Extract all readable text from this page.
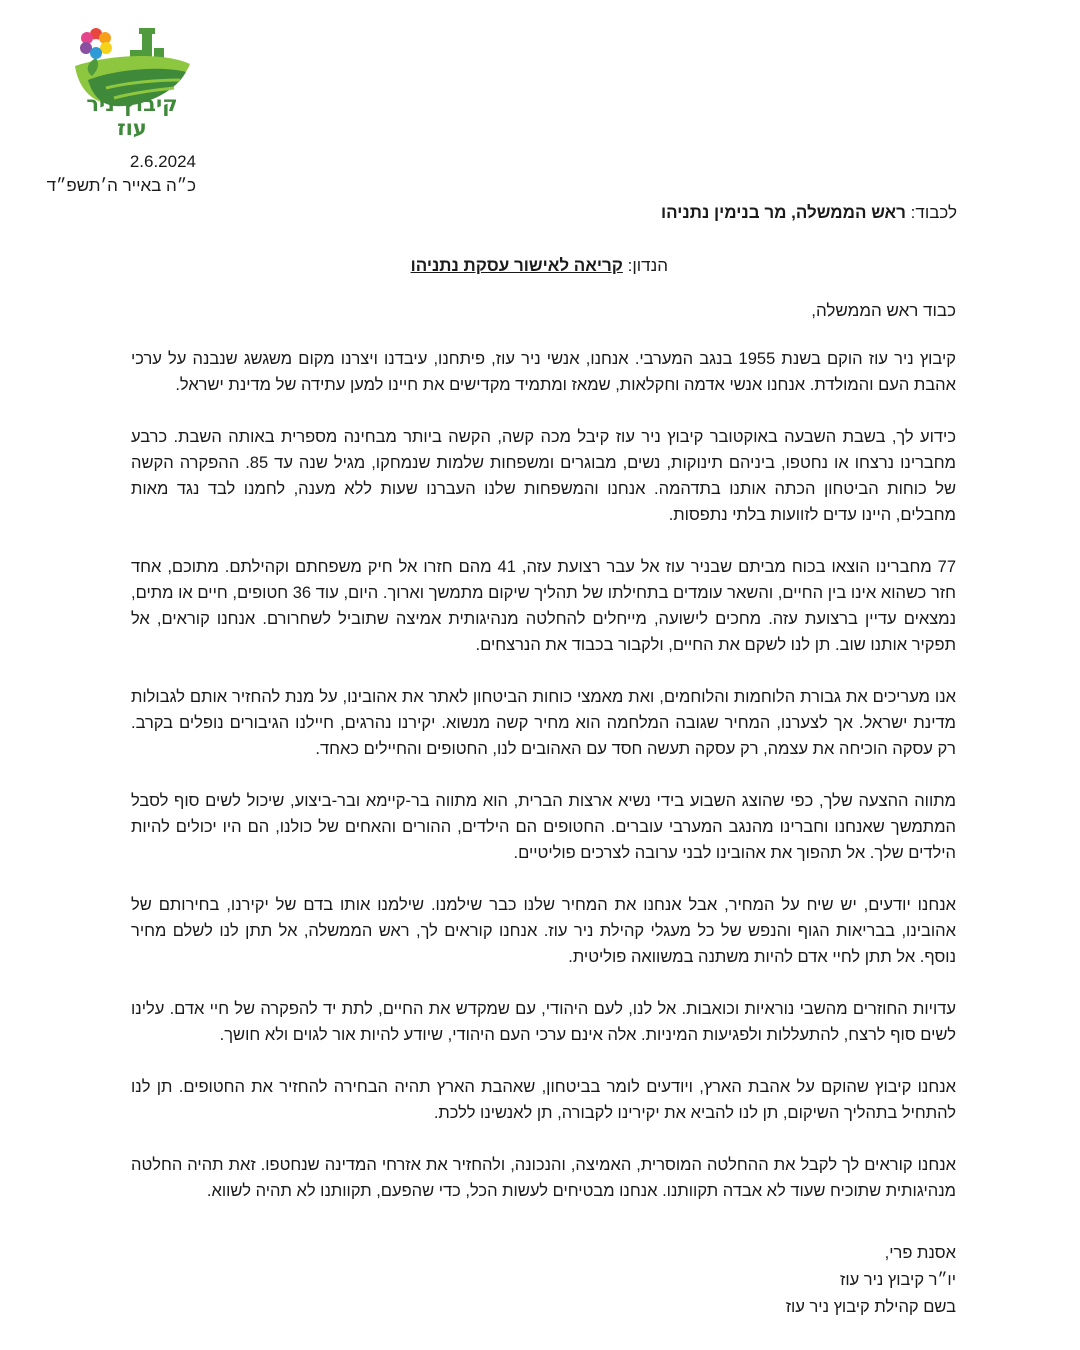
קיבוץ ניר עוז
2.6.2024
כ״ה באייר ה׳תשפ״ד
לכבוד: ראש הממשלה, מר בנימין נתניהו
הנדון: קריאה לאישור עסקת נתניהו
כבוד ראש הממשלה,

קיבוץ ניר עוז הוקם בשנת 1955 בנגב המערבי. אנחנו, אנשי ניר עוז, פיתחנו, עיבדנו ויצרנו מקום משגשג שנבנה על ערכי אהבת העם והמולדת. אנחנו אנשי אדמה וחקלאות, שמאז ומתמיד מקדישים את חיינו למען עתידה של מדינת ישראל.

כידוע לך, בשבת השבעה באוקטובר קיבוץ ניר עוז קיבל מכה קשה, הקשה ביותר מבחינה מספרית באותה השבת. כרבע מחברינו נרצחו או נחטפו, ביניהם תינוקות, נשים, מבוגרים ומשפחות שלמות שנמחקו, מגיל שנה עד 85. ההפקרה הקשה של כוחות הביטחון הכתה אותנו בתדהמה. אנחנו והמשפחות שלנו העברנו שעות ללא מענה, לחמנו לבד נגד מאות מחבלים, היינו עדים לזוועות בלתי נתפסות.

77 מחברינו הוצאו בכוח מביתם שבניר עוז אל עבר רצועת עזה, 41 מהם חזרו אל חיק משפחתם וקהילתם. מתוכם, אחד חזר כשהוא אינו בין החיים, והשאר עומדים בתחילתו של תהליך שיקום מתמשך וארוך. היום, עוד 36 חטופים, חיים או מתים, נמצאים עדיין ברצועת עזה. מחכים לישועה, מייחלים להחלטה מנהיגותית אמיצה שתוביל לשחרורם. אנחנו קוראים, אל תפקיר אותנו שוב. תן לנו לשקם את החיים, ולקבור בכבוד את הנרצחים.

אנו מעריכים את גבורת הלוחמות והלוחמים, ואת מאמצי כוחות הביטחון לאתר את אהובינו, על מנת להחזיר אותם לגבולות מדינת ישראל. אך לצערנו, המחיר שגובה המלחמה הוא מחיר קשה מנשוא. יקירנו נהרגים, חיילנו הגיבורים נופלים בקרב. רק עסקה הוכיחה את עצמה, רק עסקה תעשה חסד עם האהובים לנו, החטופים והחיילים כאחד.

מתווה ההצעה שלך, כפי שהוצג השבוע בידי נשיא ארצות הברית, הוא מתווה בר-קיימא ובר-ביצוע, שיכול לשים סוף לסבל המתמשך שאנחנו וחברינו מהנגב המערבי עוברים. החטופים הם הילדים, ההורים והאחים של כולנו, הם היו יכולים להיות הילדים שלך. אל תהפוך את אהובינו לבני ערובה לצרכים פוליטיים.

אנחנו יודעים, יש שיח על המחיר, אבל אנחנו את המחיר שלנו כבר שילמנו. שילמנו אותו בדם של יקירנו, בחירותם של אהובינו, בבריאות הגוף והנפש של כל מעגלי קהילת ניר עוז. אנחנו קוראים לך, ראש הממשלה, אל תתן לנו לשלם מחיר נוסף. אל תתן לחיי אדם להיות משתנה במשוואה פוליטית.

עדויות החוזרים מהשבי נוראיות וכואבות. אל לנו, לעם היהודי, עם שמקדש את החיים, לתת יד להפקרה של חיי אדם. עלינו לשים סוף לרצח, להתעללות ולפגיעות המיניות. אלה אינם ערכי העם היהודי, שיודע להיות אור לגוים ולא חושך.

אנחנו קיבוץ שהוקם על אהבת הארץ, ויודעים לומר בביטחון, שאהבת הארץ תהיה הבחירה להחזיר את החטופים. תן לנו להתחיל בתהליך השיקום, תן לנו להביא את יקירינו לקבורה, תן לאנשינו ללכת.

אנחנו קוראים לך לקבל את ההחלטה המוסרית, האמיצה, והנכונה, ולהחזיר את אזרחי המדינה שנחטפו. זאת תהיה החלטה מנהיגותית שתוכיח שעוד לא אבדה תקוותנו. אנחנו מבטיחים לעשות הכל, כדי שהפעם, תקוותנו לא תהיה לשווא.

אסנת פרי,
יו״ר קיבוץ ניר עוז
בשם קהילת קיבוץ ניר עוז
